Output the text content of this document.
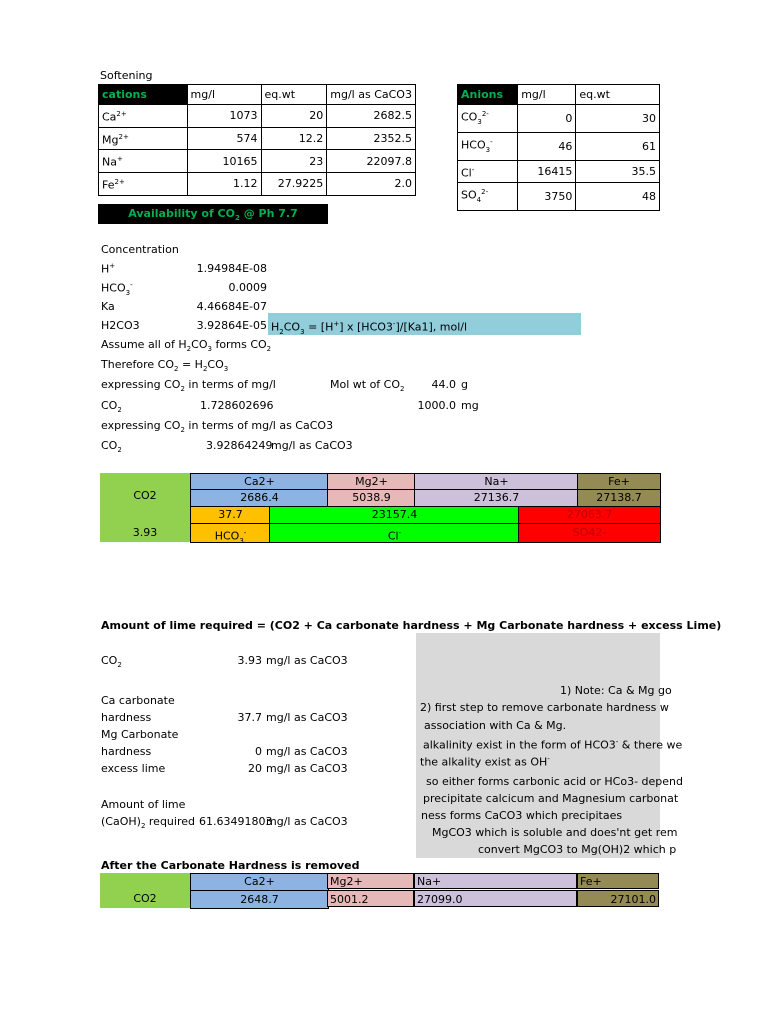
Softening
cations	mg/l	eq.wt	mg/l as CaCO3
$Ca^{2+}$	1073	20	2682.5
$Mg^{2+}$	574	12.2	2352.5
Na+	10165	23	22097.8
$Fe^{2+}$	1.12	27.9225	2.0
Anions	mg/l	eq.wt
$CO_3^{2-}$	0	30
$HCO_3^-$	46	61
Cl-	16415	35.5
$SO_4^{2-}$	3750	48
Availability of $CO_2$ @ Ph 7.7
Concentration
H+	1.94984E-08
$HCO_3^-$	0.0009
Ka	4.46684E-07
H2CO3	3.92864E-05 $H_2CO_3 = [H^+]$ x [HCO3-]/[Ka1], mol/l
Assume all of $H_2CO_3$ forms $CO_2$
Therefore $CO_2 = H_2CO_3$
expressing $CO_2$ in terms of mg/l	Mol wt of $CO_2$	44.0 g
$CO_2$	1.728602696	1000.0 mg
expressing $CO_2$ in terms of mg/l as CaCO3
$CO_2$	3.92864249
mg/l as CaCO3
CO2
3.93
Ca2+	Mg2+	Na+	Fe+
2686.4	5038.9	27136.7	27138.7
37.7	23157.4	27063.7
$HCO_3^-$	Cl-	SO42-
Amount of lime required = (CO2 + Ca carbonate hardness + Mg Carbonate hardness + excess Lime)
1) Note: Ca & Mg go
2) first step to remove carbonate hardness w
association with Ca & Mg.
alkalinity exist in the form of HCO3- & there we
the alkality exist as OH-
so either forms carbonic acid or HCo3- depend
precipitate calcicum and Magnesium carbonat
ness forms CaCO3 which precipitaes
MgCO3 which is soluble and does'nt get rem
convert MgCO3 to Mg(OH)2 which p
$CO_2$	3.93 mg/l as CaCO3
Ca carbonate
hardness	37.7 mg/l as CaCO3
Mg Carbonate
hardness	0 mg/l as CaCO3
excess lime	20 mg/l as CaCO3
Amount of lime
$(CaOH)_2$ required 61.63491803
mg/l as CaCO3
After the Carbonate Hardness is removed
CO2
Ca2+	Mg2+	Na+	Fe+
2648.7	5001.2	27099.0	27101.0
